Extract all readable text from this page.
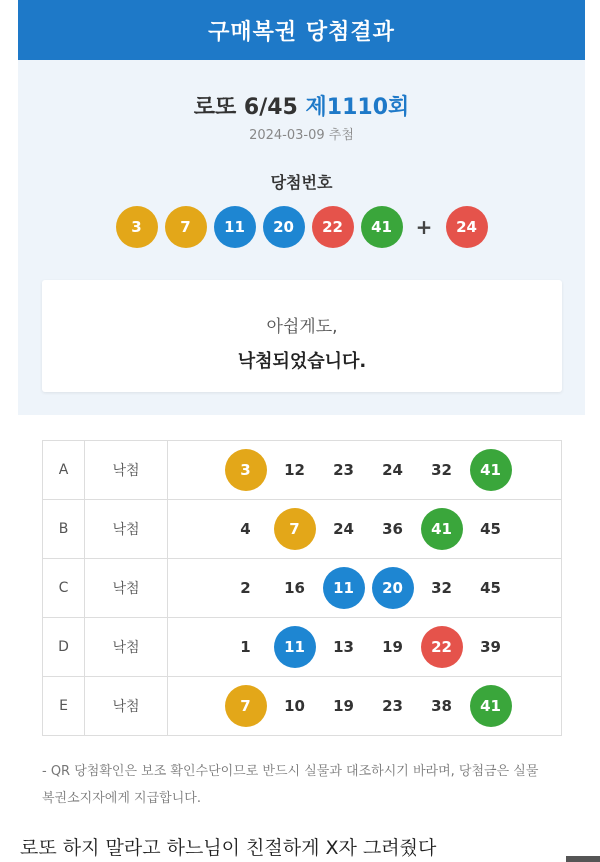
구매복권 당첨결과
로또 6/45 제1110회
2024-03-09 추첨
당첨번호
3	7	11	20	22	41	+	24
아쉽게도,
낙첨되었습니다.
A	낙첨	3	12	23	24	32	41
B	낙첨	4	7	24	36	41	45
C	낙첨	2	16	11	20	32	45
D	낙첨	1	11	13	19	22	39
E	낙첨	7	10	19	23	38	41
- QR 당첨확인은 보조 확인수단이므로 반드시 실물과 대조하시기 바라며, 당첨금은 실물
복권소지자에게 지급합니다.
로또 하지 말라고 하느님이 친절하게 X자 그려줬다
